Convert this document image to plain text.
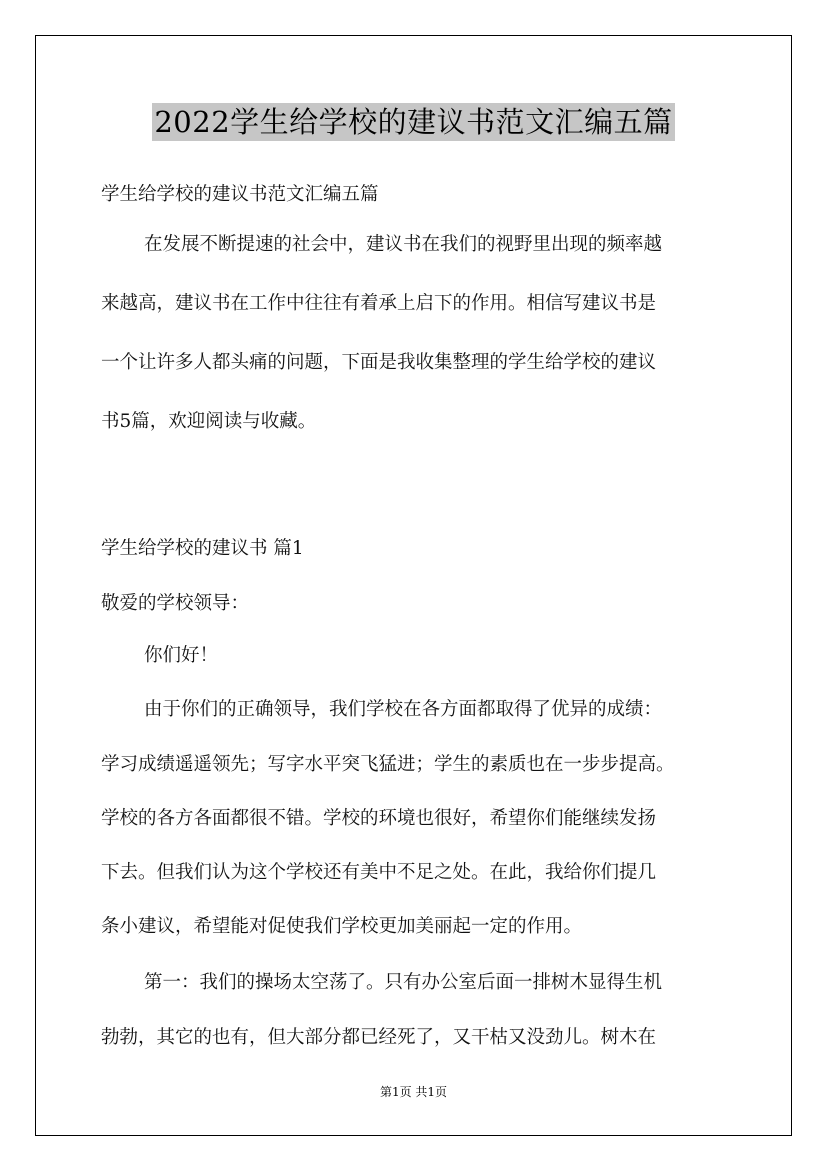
2022学生给学校的建议书范文汇编五篇
学生给学校的建议书范文汇编五篇
在发展不断提速的社会中，建议书在我们的视野里出现的频率越
来越高，建议书在工作中往往有着承上启下的作用。相信写建议书是
一个让许多人都头痛的问题，下面是我收集整理的学生给学校的建议
书5篇，欢迎阅读与收藏。
学生给学校的建议书 篇1
敬爱的学校领导：
你们好！
由于你们的正确领导，我们学校在各方面都取得了优异的成绩：
学习成绩遥遥领先；写字水平突飞猛进；学生的素质也在一步步提高。
学校的各方各面都很不错。学校的环境也很好，希望你们能继续发扬
下去。但我们认为这个学校还有美中不足之处。在此，我给你们提几
条小建议，希望能对促使我们学校更加美丽起一定的作用。
第一：我们的操场太空荡了。只有办公室后面一排树木显得生机
勃勃，其它的也有，但大部分都已经死了，又干枯又没劲儿。树木在
第1页 共1页
